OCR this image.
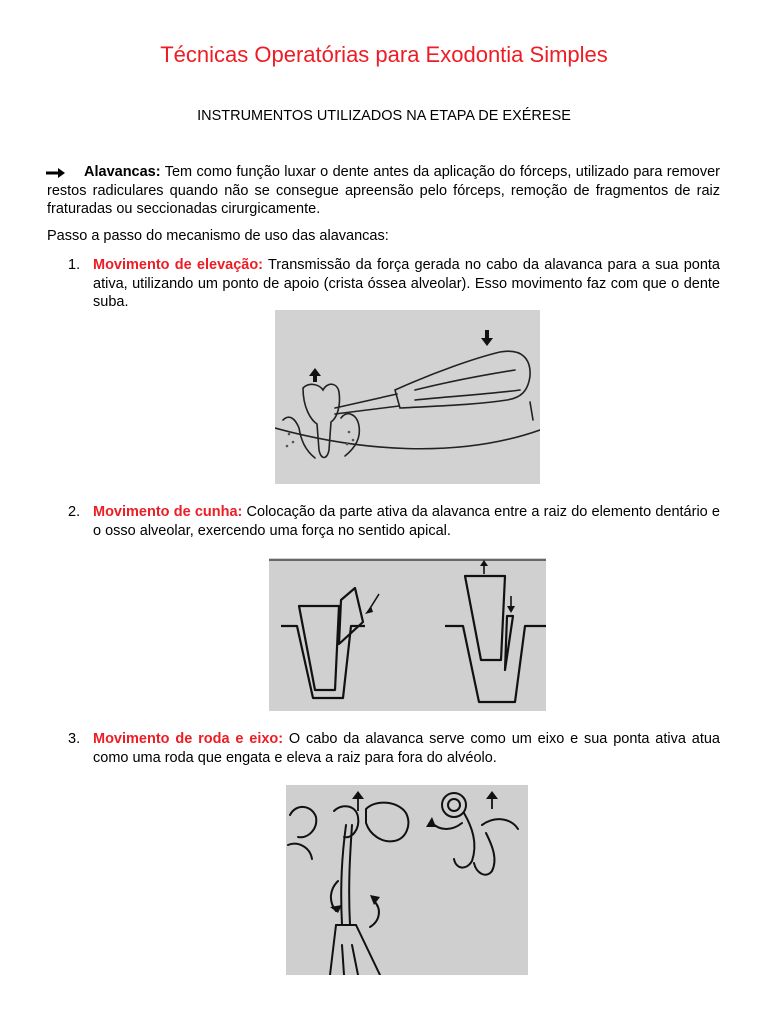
Técnicas Operatórias para Exodontia Simples
INSTRUMENTOS UTILIZADOS NA ETAPA DE EXÉRESE

Alavancas: Tem como função luxar o dente antes da aplicação do fórceps, utilizado para remover restos radiculares quando não se consegue apreensão pelo fórceps, remoção de fragmentos de raiz fraturadas ou seccionadas cirurgicamente.

Passo a passo do mecanismo de uso das alavancas:

1. Movimento de elevação: Transmissão da força gerada no cabo da alavanca para a sua ponta ativa, utilizando um ponto de apoio (crista óssea alveolar). Esso movimento faz com que o dente suba.

2. Movimento de cunha: Colocação da parte ativa da alavanca entre a raiz do elemento dentário e o osso alveolar, exercendo uma força no sentido apical.

3. Movimento de roda e eixo: O cabo da alavanca serve como um eixo e sua ponta ativa atua como uma roda que engata e eleva a raiz para fora do alvéolo.
